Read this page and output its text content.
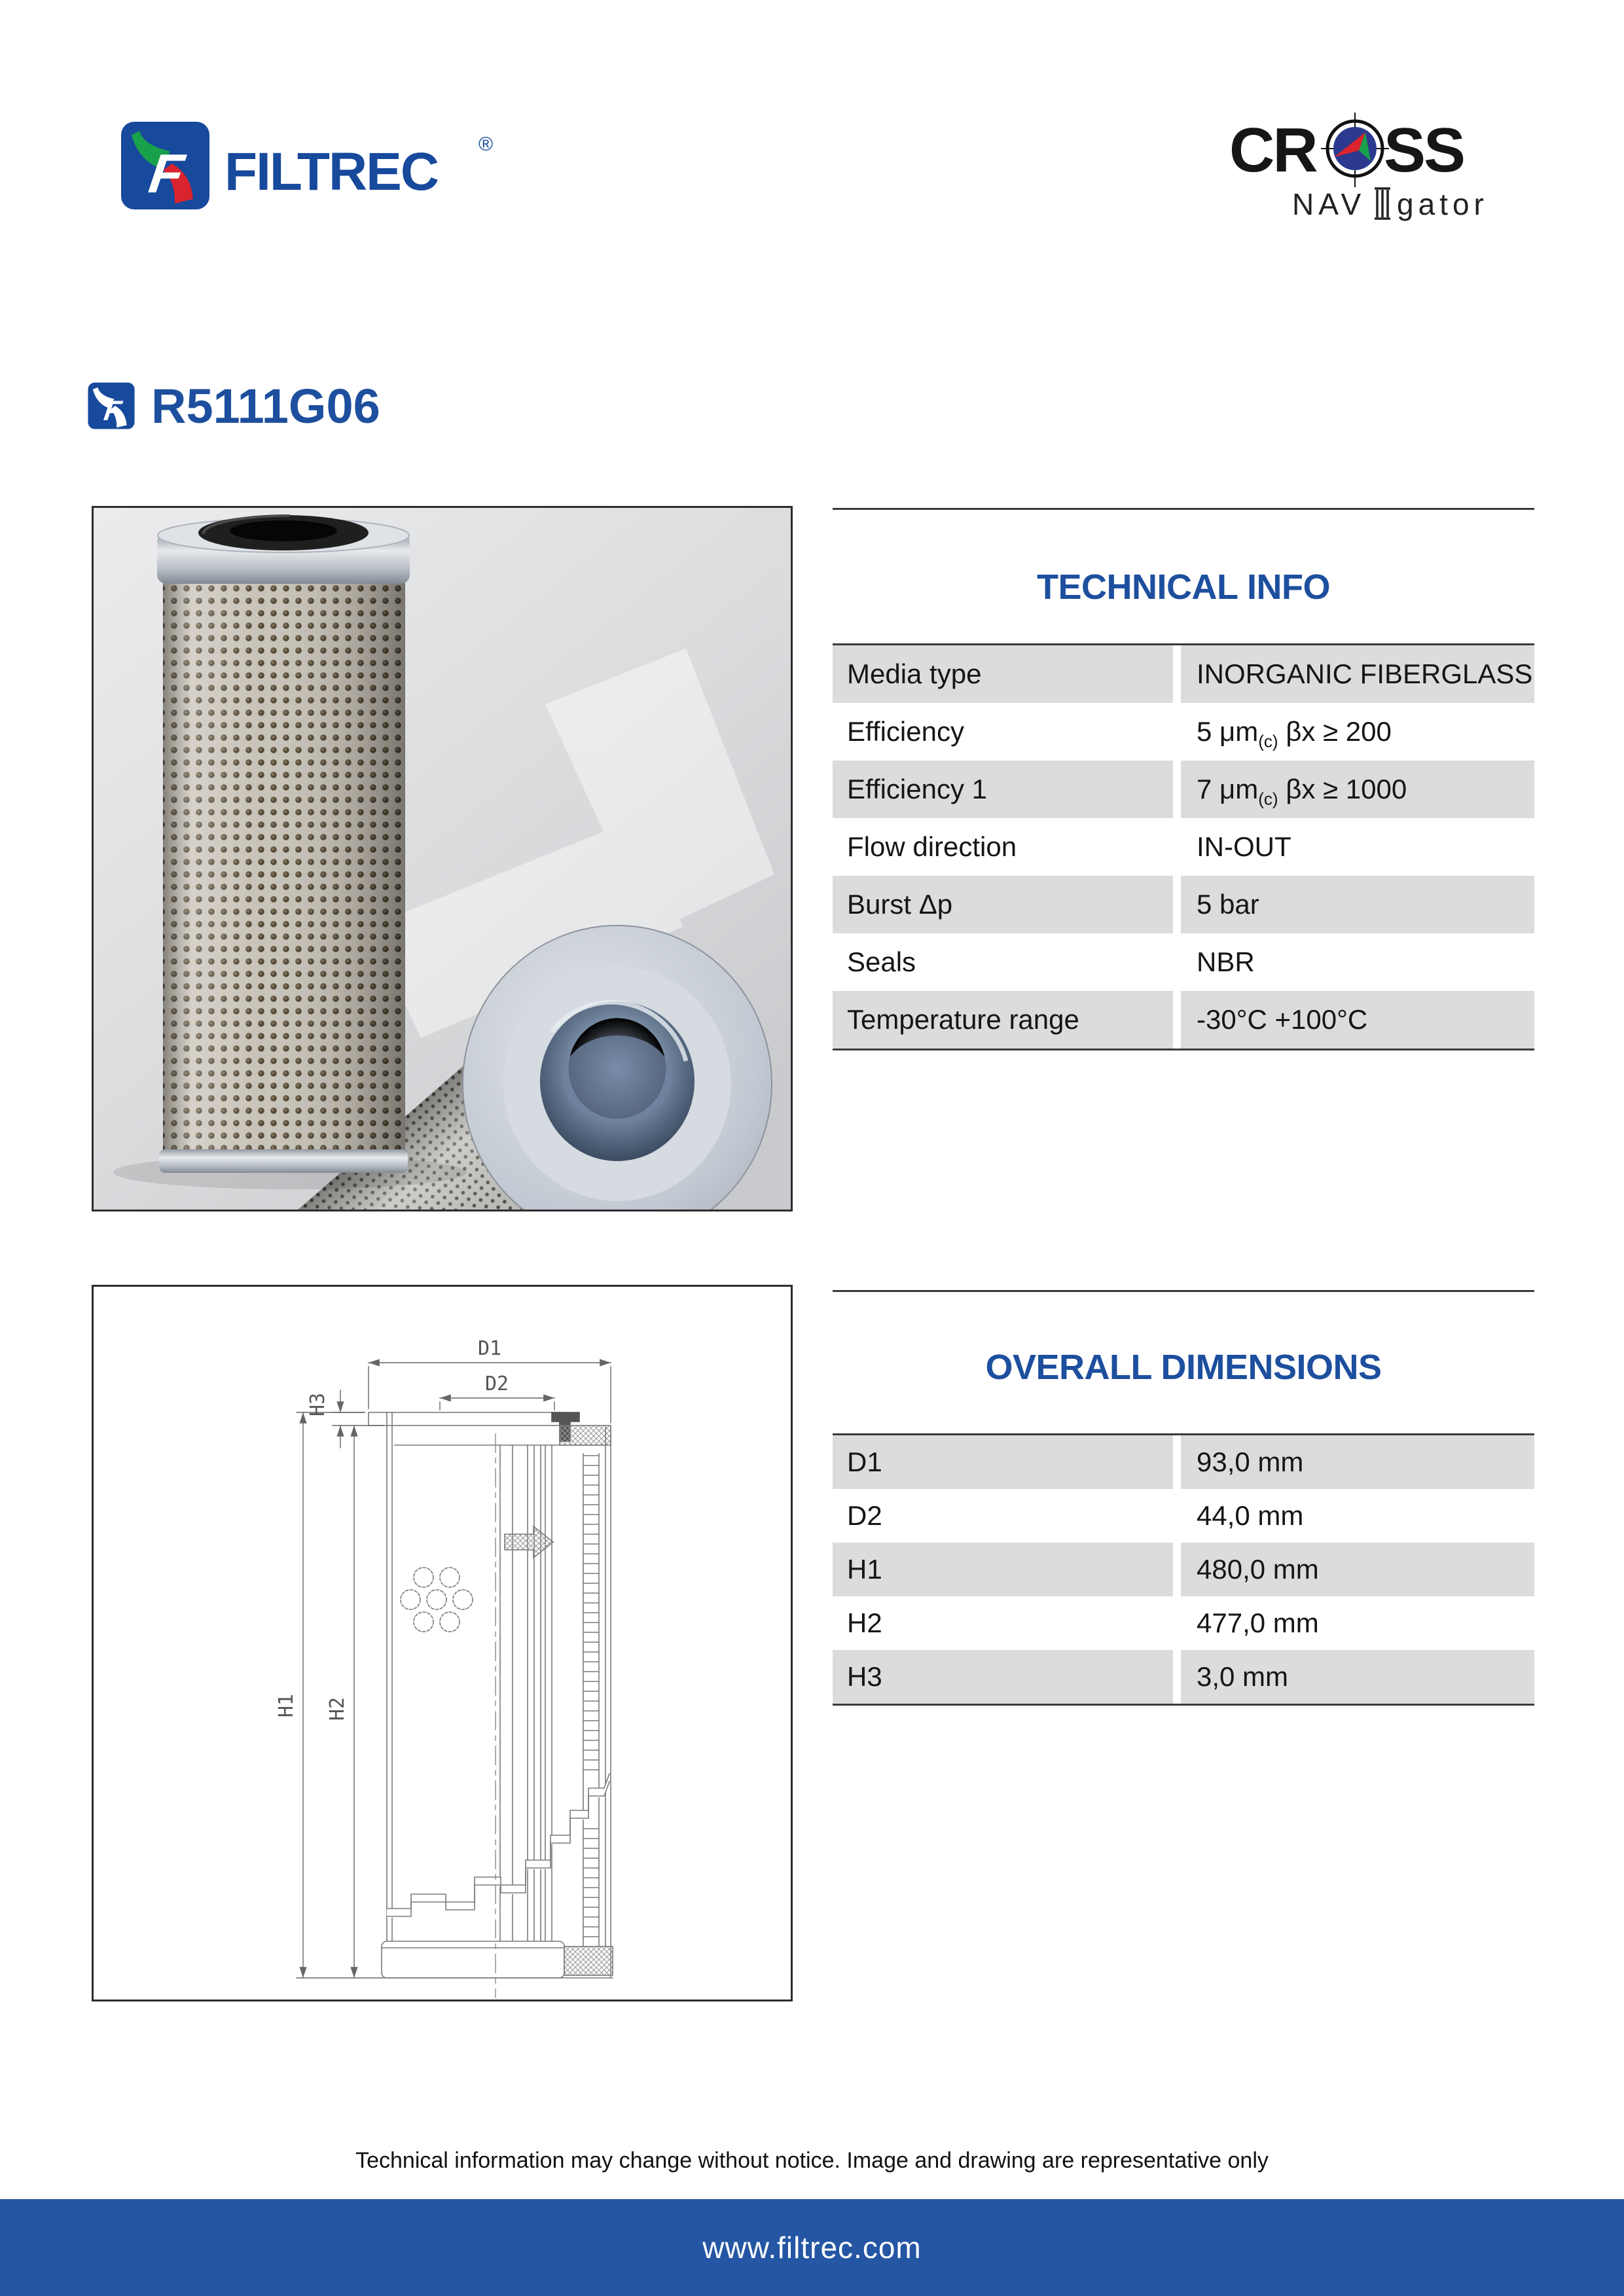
F FILTREC ®	CR SS
NAV gator
F R5111G06
TECHNICAL INFO
Media type	INORGANIC FIBERGLASS
Efficiency	5 $\mu m_{(c)}$ βx ≥ 200
Efficiency 1	7 $\mu m_{(c)}$ βx ≥ 1000
Flow direction	IN-OUT
Burst Δp	5 bar
Seals	NBR
Temperature range	-30°C +100°C
D1
D2
H3
H1 H2
OVERALL DIMENSIONS
D1	93,0 mm
D2	44,0 mm
H1	480,0 mm
H2	477,0 mm
H3	3,0 mm
Technical information may change without notice. Image and drawing are representative only
www.filtrec.com
